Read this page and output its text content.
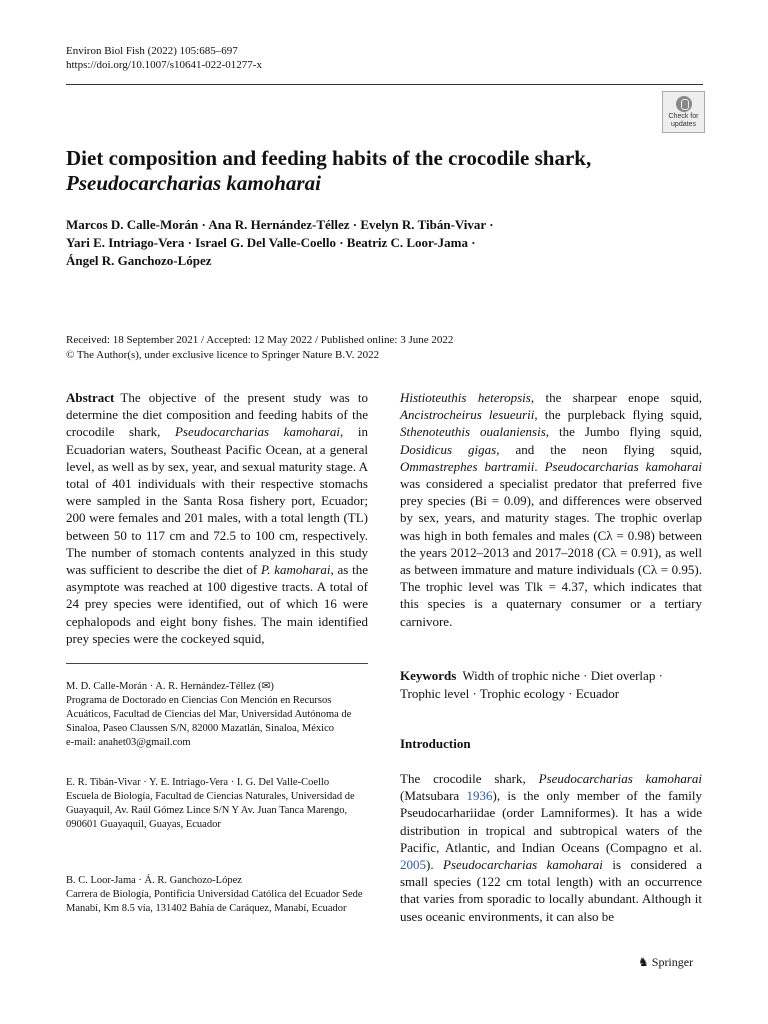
Environ Biol Fish (2022) 105:685–697
https://doi.org/10.1007/s10641-022-01277-x
Check for
updates
Diet composition and feeding habits of the crocodile shark,
Pseudocarcharias kamoharai
Marcos D. Calle-Morán · Ana R. Hernández-Téllez · Evelyn R. Tibán-Vivar ·
Yari E. Intriago-Vera · Israel G. Del Valle-Coello · Beatriz C. Loor-Jama ·
Ángel R. Ganchozo-López
Received: 18 September 2021 / Accepted: 12 May 2022 / Published online: 3 June 2022
© The Author(s), under exclusive licence to Springer Nature B.V. 2022

Abstract The objective of the present study was to determine the diet composition and feeding habits of the crocodile shark, Pseudocarcharias kamoharai, in Ecuadorian waters, Southeast Pacific Ocean, at a general level, as well as by sex, year, and sexual maturity stage. A total of 401 individuals with their respective stomachs were sampled in the Santa Rosa fishery port, Ecuador; 200 were females and 201 males, with a total length (TL) between 50 to 117 cm and 72.5 to 100 cm, respectively. The number of stomach contents analyzed in this study was sufficient to describe the diet of P. kamoharai, as the asymptote was reached at 100 digestive tracts. A total of 24 prey species were identified, out of which 16 were cephalopods and eight bony fishes. The main identified prey species were the cockeyed squid,

Histioteuthis heteropsis, the sharpear enope squid, Ancistrocheirus lesueurii, the purpleback flying squid, Sthenoteuthis oualaniensis, the Jumbo flying squid, Dosidicus gigas, and the neon flying squid, Ommastrephes bartramii. Pseudocarcharias kamoharai was considered a specialist predator that preferred five prey species (Bi = 0.09), and differences were observed by sex, years, and maturity stages. The trophic overlap was high in both females and males (Cλ = 0.98) between the years 2012–2013 and 2017–2018 (Cλ = 0.91), as well as between immature and mature individuals (Cλ = 0.95). The trophic level was Tlk = 4.37, which indicates that this species is a quaternary consumer or a tertiary carnivore.

Keywords Width of trophic niche · Diet overlap · Trophic level · Trophic ecology · Ecuador
M. D. Calle-Morán · A. R. Hernández-Téllez (✉)
Programa de Doctorado en Ciencias Con Mención en Recursos Acuáticos, Facultad de Ciencias del Mar, Universidad Autónoma de Sinaloa, Paseo Claussen S/N, 82000 Mazatlán, Sinaloa, México
e-mail: anahet03@gmail.com
E. R. Tibán-Vivar · Y. E. Intriago-Vera · I. G. Del Valle-Coello
Escuela de Biología, Facultad de Ciencias Naturales, Universidad de Guayaquil, Av. Raúl Gómez Lince S/N Y Av. Juan Tanca Marengo, 090601 Guayaquil, Guayas, Ecuador
B. C. Loor-Jama · Á. R. Ganchozo-López
Carrera de Biología, Pontificia Universidad Católica del Ecuador Sede Manabí, Km 8.5 vía, 131402 Bahía de Caráquez, Manabí, Ecuador
Introduction

The crocodile shark, Pseudocarcharias kamoharai (Matsubara 1936), is the only member of the family Pseudocarhariidae (order Lamniformes). It has a wide distribution in tropical and subtropical waters of the Pacific, Atlantic, and Indian Oceans (Compagno et al. 2005). Pseudocarcharias kamoharai is considered a small species (122 cm total length) with an occurrence that varies from sporadic to locally abundant. Although it uses oceanic environments, it can also be

♞ Springer
